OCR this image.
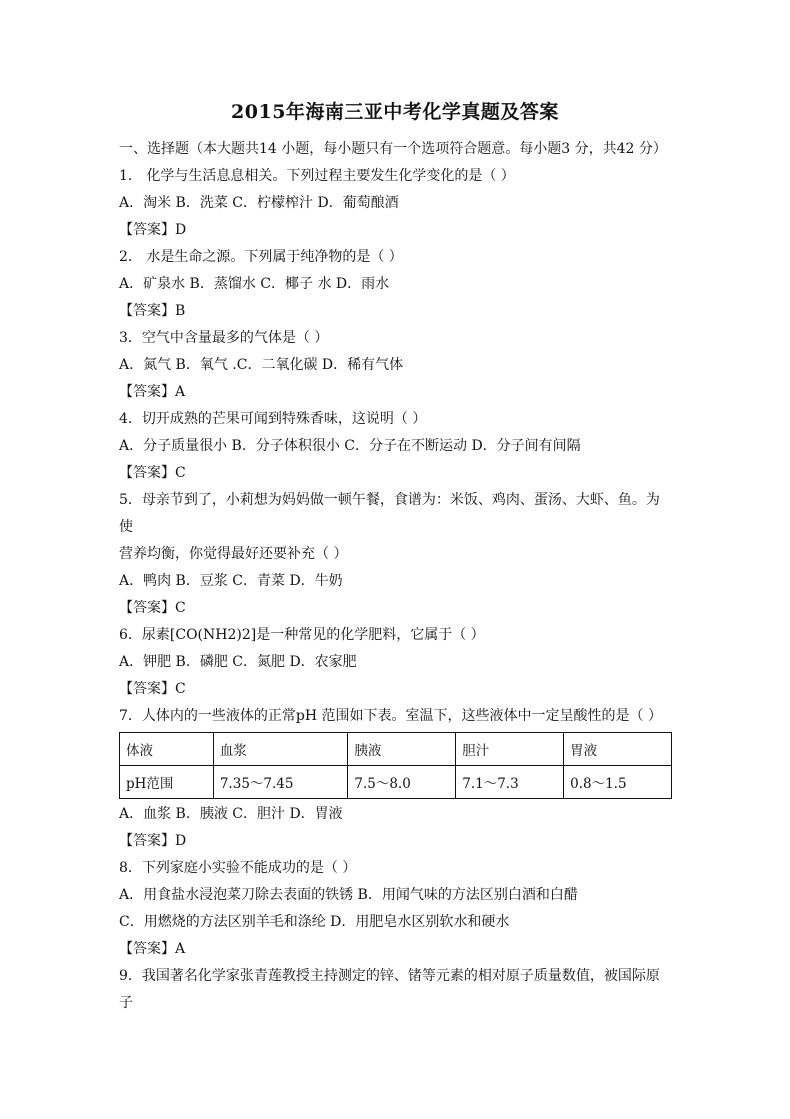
2015年海南三亚中考化学真题及答案
一、选择题（本大题共14 小题，每小题只有一个选项符合题意。每小题3 分，共42 分）
1． 化学与生活息息相关。下列过程主要发生化学变化的是（ ）
A．淘米 B．洗菜 C．柠檬榨汁 D．葡萄酿酒
【答案】D
2． 水是生命之源。下列属于纯净物的是（ ）
A．矿泉水 B．蒸馏水 C．椰子 水 D．雨水
【答案】B
3．空气中含量最多的气体是（ ）
A．氮气 B．氧气 .C．二氧化碳 D．稀有气体
【答案】A
4．切开成熟的芒果可闻到特殊香味，这说明（ ）
A．分子质量很小 B．分子体积很小 C．分子在不断运动 D．分子间有间隔
【答案】C
5．母亲节到了，小莉想为妈妈做一顿午餐，食谱为：米饭、鸡肉、蛋汤、大虾、鱼。为
使
营养均衡，你觉得最好还要补充（ ）
A．鸭肉 B．豆浆 C．青菜 D．牛奶
【答案】C
6．尿素[CO(NH2)2]是一种常见的化学肥料，它属于（ ）
A．钾肥 B．磷肥 C．氮肥 D．农家肥
【答案】C
7．人体内的一些液体的正常pH 范围如下表。室温下，这些液体中一定呈酸性的是（ ）
体液	血浆	胰液	胆汁	胃液
pH范围	7.35～7.45	7.5～8.0	7.1～7.3	0.8～1.5
A．血浆 B．胰液 C．胆汁 D．胃液
【答案】D
8．下列家庭小实验不能成功的是（ ）
A．用食盐水浸泡菜刀除去表面的铁锈 B．用闻气味的方法区别白酒和白醋
C．用燃烧的方法区别羊毛和涤纶 D．用肥皂水区别软水和硬水
【答案】A
9．我国著名化学家张青莲教授主持测定的锌、锗等元素的相对原子质量数值，被国际原
子
